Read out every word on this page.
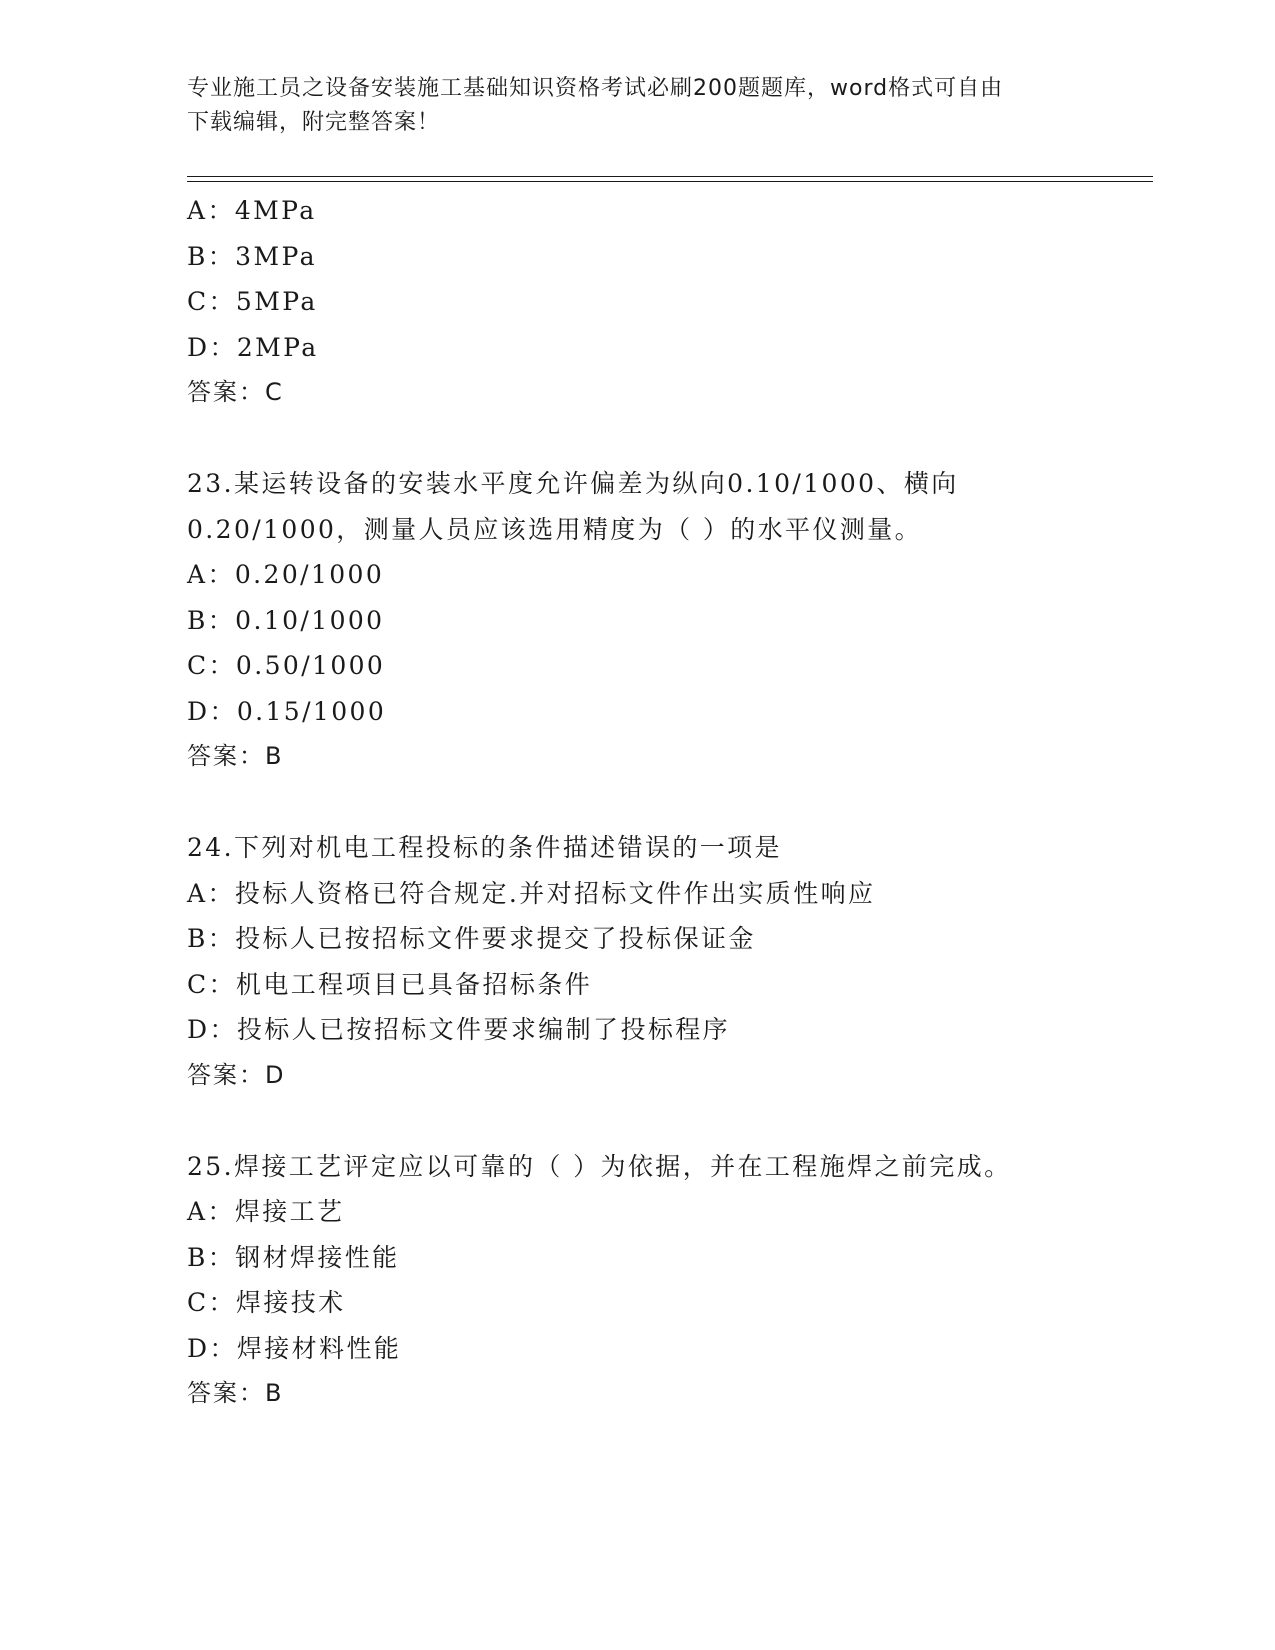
专业施工员之设备安装施工基础知识资格考试必刷200题题库，word格式可自由
下载编辑，附完整答案！
A：4MPa
B：3MPa
C：5MPa
D：2MPa
答案：C
23.某运转设备的安装水平度允许偏差为纵向0.10/1000、横向
0.20/1000，测量人员应该选用精度为（ ）的水平仪测量。
A：0.20/1000
B：0.10/1000
C：0.50/1000
D：0.15/1000
答案：B
24.下列对机电工程投标的条件描述错误的一项是
A：投标人资格已符合规定.并对招标文件作出实质性响应
B：投标人已按招标文件要求提交了投标保证金
C：机电工程项目已具备招标条件
D：投标人已按招标文件要求编制了投标程序
答案：D
25.焊接工艺评定应以可靠的（ ）为依据，并在工程施焊之前完成。
A：焊接工艺
B：钢材焊接性能
C：焊接技术
D：焊接材料性能
答案：B
